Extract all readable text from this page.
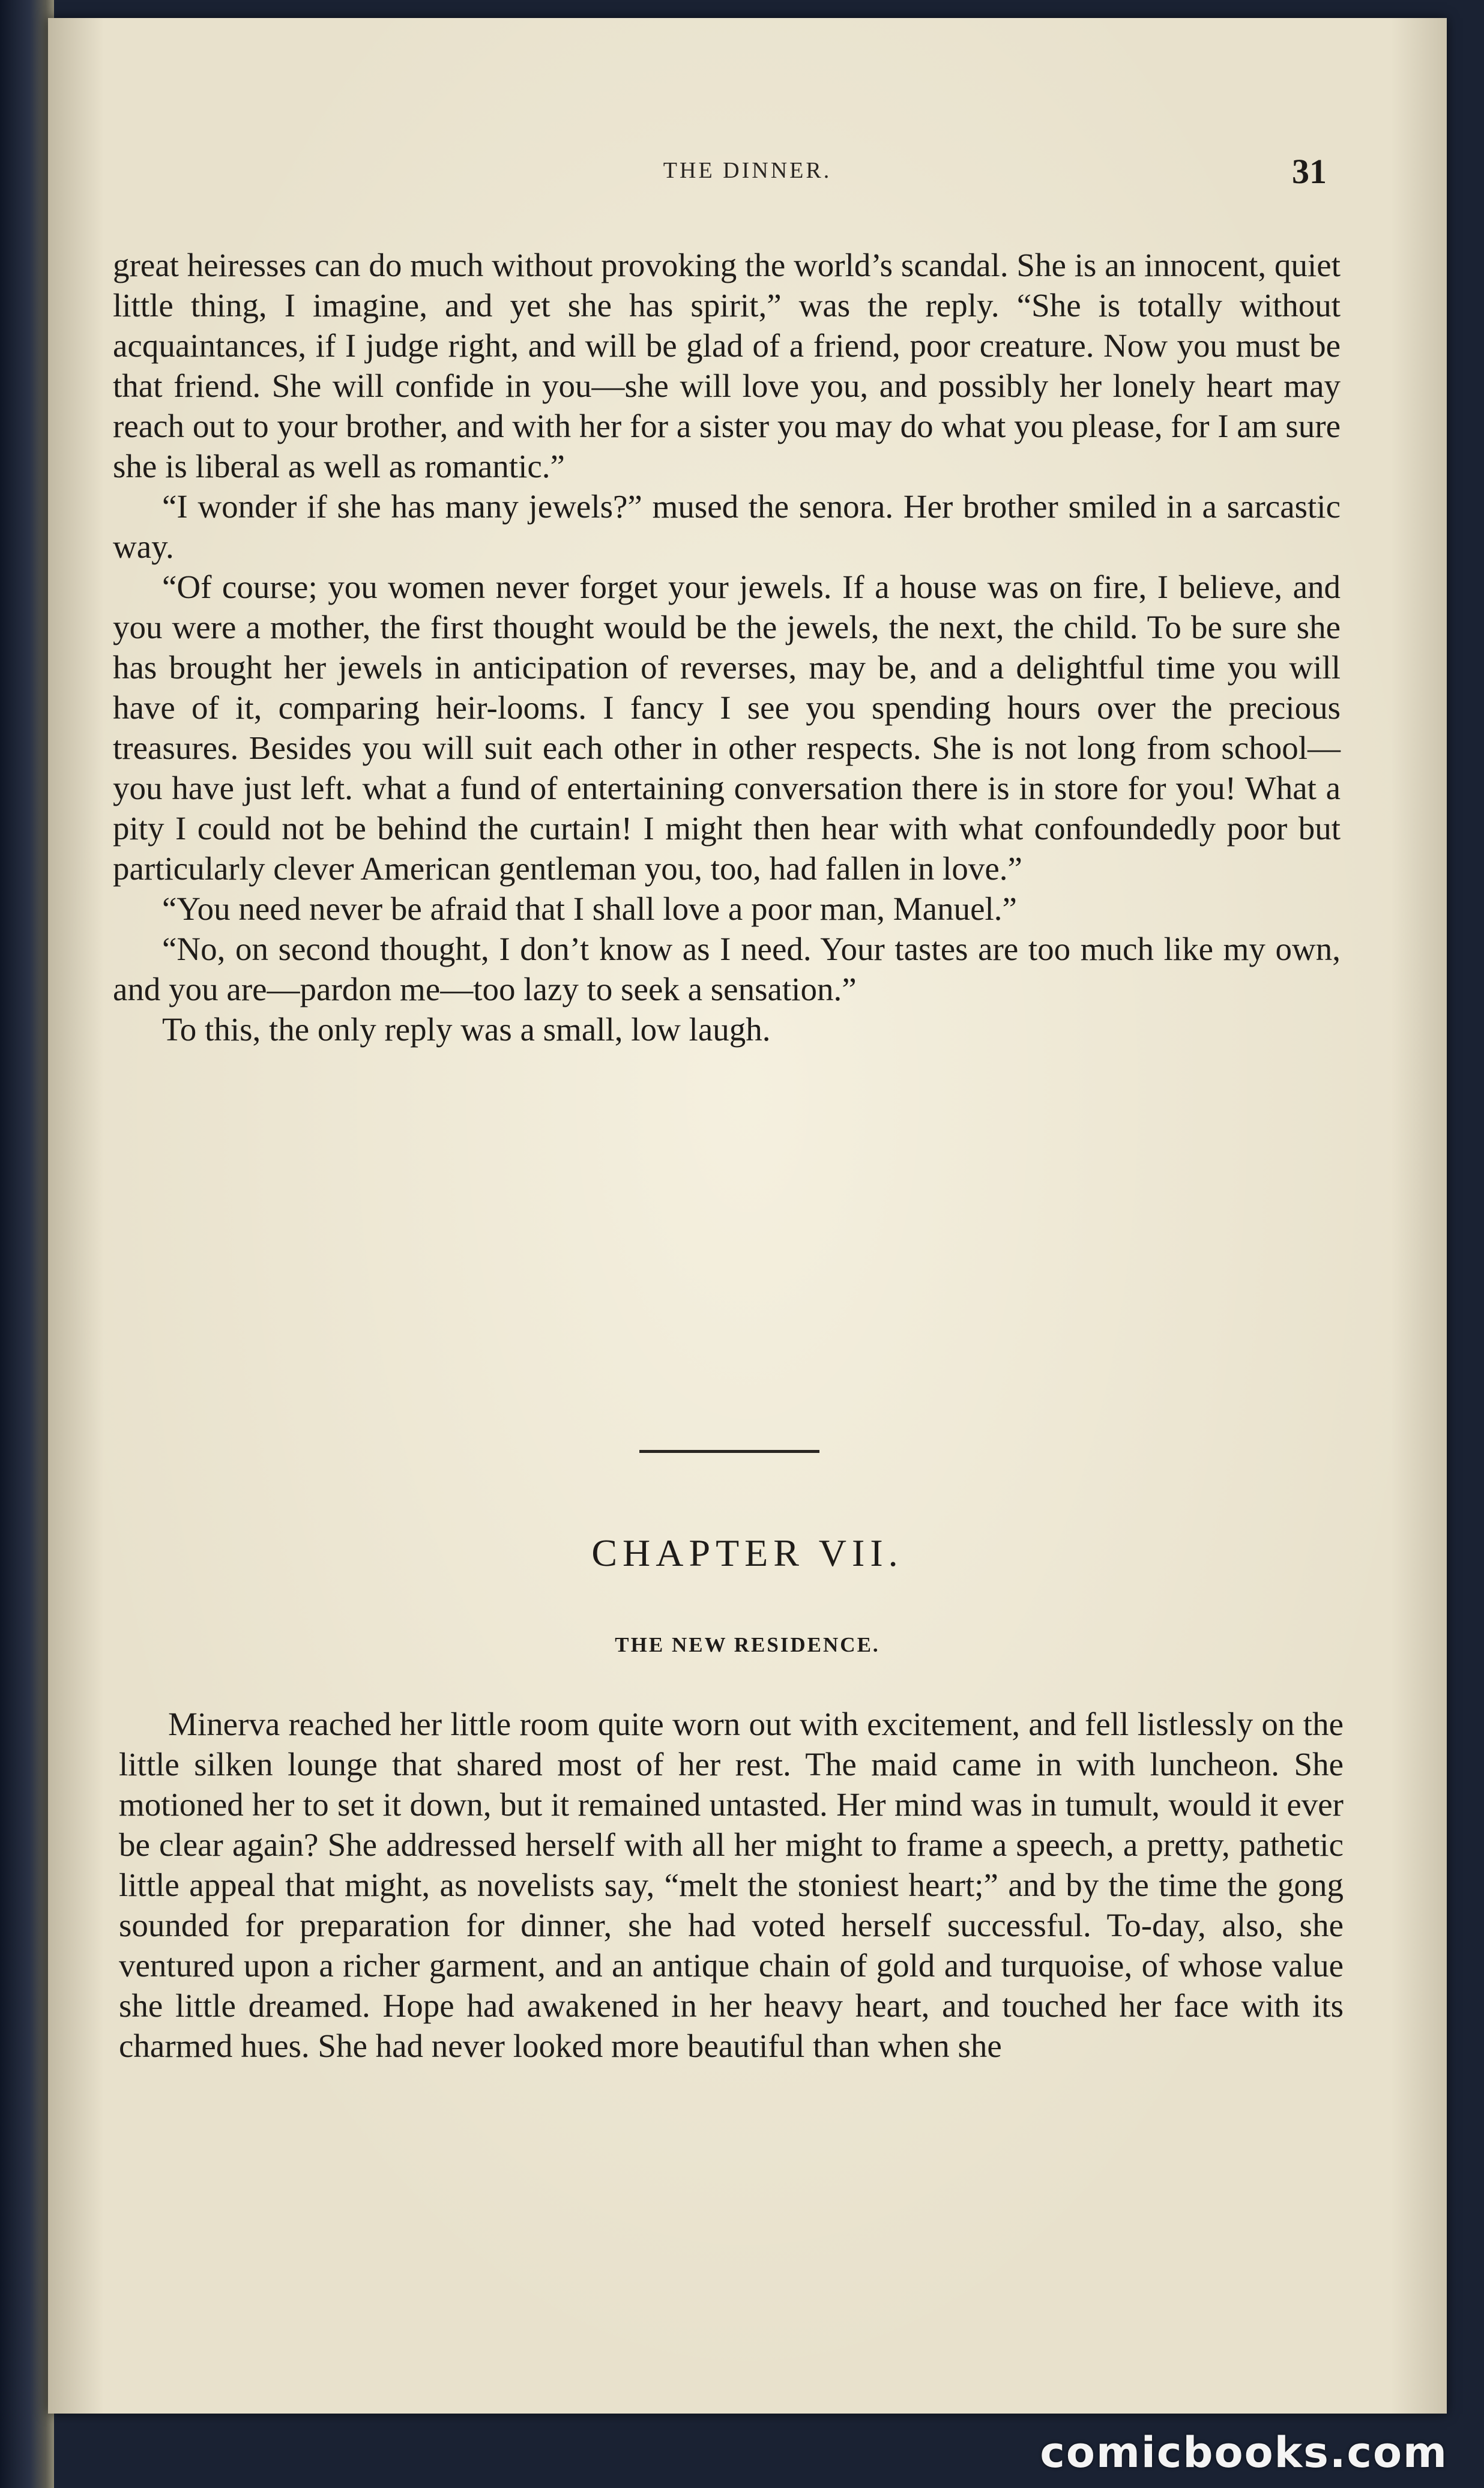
THE DINNER.	31

great heiresses can do much without provoking the world’s scandal. She is an innocent, quiet little thing, I imagine, and yet she has spirit,” was the reply. “She is totally without acquaintances, if I judge right, and will be glad of a friend, poor creature. Now you must be that friend. She will confide in you—she will love you, and possibly her lonely heart may reach out to your brother, and with her for a sister you may do what you please, for I am sure she is liberal as well as romantic.”

“I wonder if she has many jewels?” mused the senora. Her brother smiled in a sarcastic way.

“Of course; you women never forget your jewels. If a house was on fire, I believe, and you were a mother, the first thought would be the jewels, the next, the child. To be sure she has brought her jewels in anticipation of reverses, may be, and a delightful time you will have of it, comparing heir-looms. I fancy I see you spending hours over the precious treasures. Besides you will suit each other in other respects. She is not long from school—you have just left. what a fund of entertaining conversation there is in store for you! What a pity I could not be behind the curtain! I might then hear with what confoundedly poor but particularly clever American gentleman you, too, had fallen in love.”

“You need never be afraid that I shall love a poor man, Manuel.”

“No, on second thought, I don’t know as I need. Your tastes are too much like my own, and you are—pardon me—too lazy to seek a sensation.”

To this, the only reply was a small, low laugh.

CHAPTER VII.
THE NEW RESIDENCE.

Minerva reached her little room quite worn out with excitement, and fell listlessly on the little silken lounge that shared most of her rest. The maid came in with luncheon. She motioned her to set it down, but it remained untasted. Her mind was in tumult, would it ever be clear again? She addressed herself with all her might to frame a speech, a pretty, pathetic little appeal that might, as novelists say, “melt the stoniest heart;” and by the time the gong sounded for preparation for dinner, she had voted herself successful. To-day, also, she ventured upon a richer garment, and an antique chain of gold and turquoise, of whose value she little dreamed. Hope had awakened in her heavy heart, and touched her face with its charmed hues. She had never looked more beautiful than when she

comicbooks.com
